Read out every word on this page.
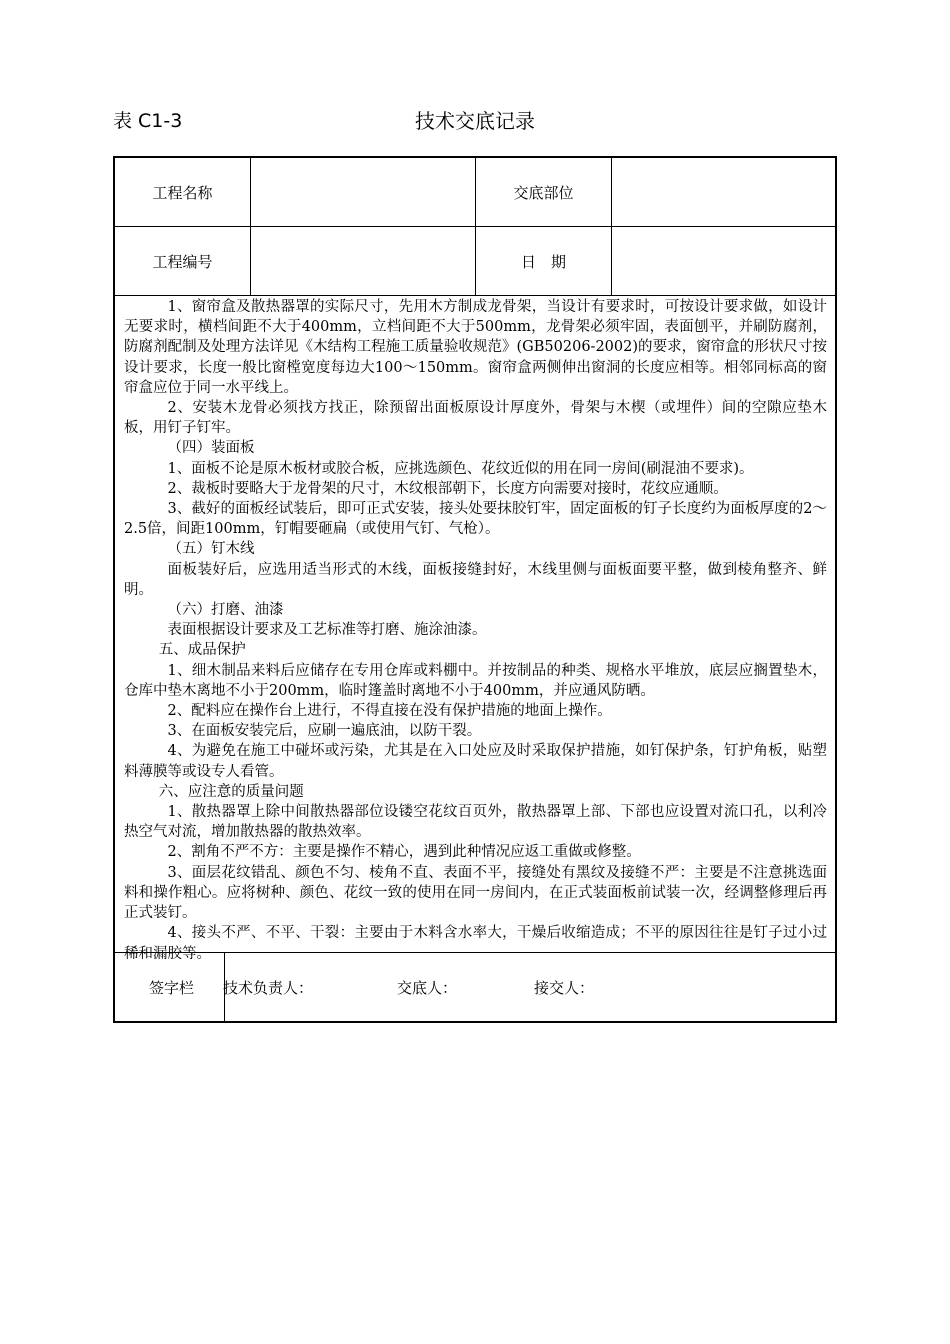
表 C1-3	技术交底记录
工程名称	交底部位
工程编号	日　期

1、窗帘盒及散热器罩的实际尺寸，先用木方制成龙骨架，当设计有要求时，可按设计要求做，如设计无要求时，横档间距不大于400mm，立档间距不大于500mm，龙骨架必须牢固，表面刨平，并刷防腐剂，防腐剂配制及处理方法详见《木结构工程施工质量验收规范》(GB50206-2002)的要求，窗帘盒的形状尺寸按设计要求，长度一般比窗樘宽度每边大100～150mm。窗帘盒两侧伸出窗洞的长度应相等。相邻同标高的窗帘盒应位于同一水平线上。

2、安装木龙骨必须找方找正，除预留出面板原设计厚度外，骨架与木楔（或埋件）间的空隙应垫木板，用钉子钉牢。

（四）装面板

1、面板不论是原木板材或胶合板，应挑选颜色、花纹近似的用在同一房间(刷混油不要求)。

2、裁板时要略大于龙骨架的尺寸，木纹根部朝下，长度方向需要对接时，花纹应通顺。

3、截好的面板经试装后，即可正式安装，接头处要抹胶钉牢，固定面板的钉子长度约为面板厚度的2～2.5倍，间距100mm，钉帽要砸扁（或使用气钉、气枪）。

（五）钉木线

面板装好后，应选用适当形式的木线，面板接缝封好，木线里侧与面板面要平整，做到棱角整齐、鲜明。

（六）打磨、油漆

表面根据设计要求及工艺标准等打磨、施涂油漆。

五、成品保护

1、细木制品来料后应储存在专用仓库或料棚中。并按制品的种类、规格水平堆放，底层应搁置垫木，仓库中垫木离地不小于200mm，临时篷盖时离地不小于400mm，并应通风防晒。

2、配料应在操作台上进行，不得直接在没有保护措施的地面上操作。

3、在面板安装完后，应刷一遍底油，以防干裂。

4、为避免在施工中碰坏或污染，尤其是在入口处应及时采取保护措施，如钉保护条，钉护角板，贴塑料薄膜等或设专人看管。

六、应注意的质量问题

1、散热器罩上除中间散热器部位设镂空花纹百页外，散热器罩上部、下部也应设置对流口孔，以利冷热空气对流，增加散热器的散热效率。

2、割角不严不方：主要是操作不精心，遇到此种情况应返工重做或修整。

3、面层花纹错乱、颜色不匀、棱角不直、表面不平，接缝处有黑纹及接缝不严：主要是不注意挑选面料和操作粗心。应将树种、颜色、花纹一致的使用在同一房间内，在正式装面板前试装一次，经调整修理后再正式装钉。

4、接头不严、不平、干裂：主要由于木料含水率大，干燥后收缩造成；不平的原因往往是钉子过小过稀和漏胶等。

签字栏 技术负责人：	交底人：	接交人：
